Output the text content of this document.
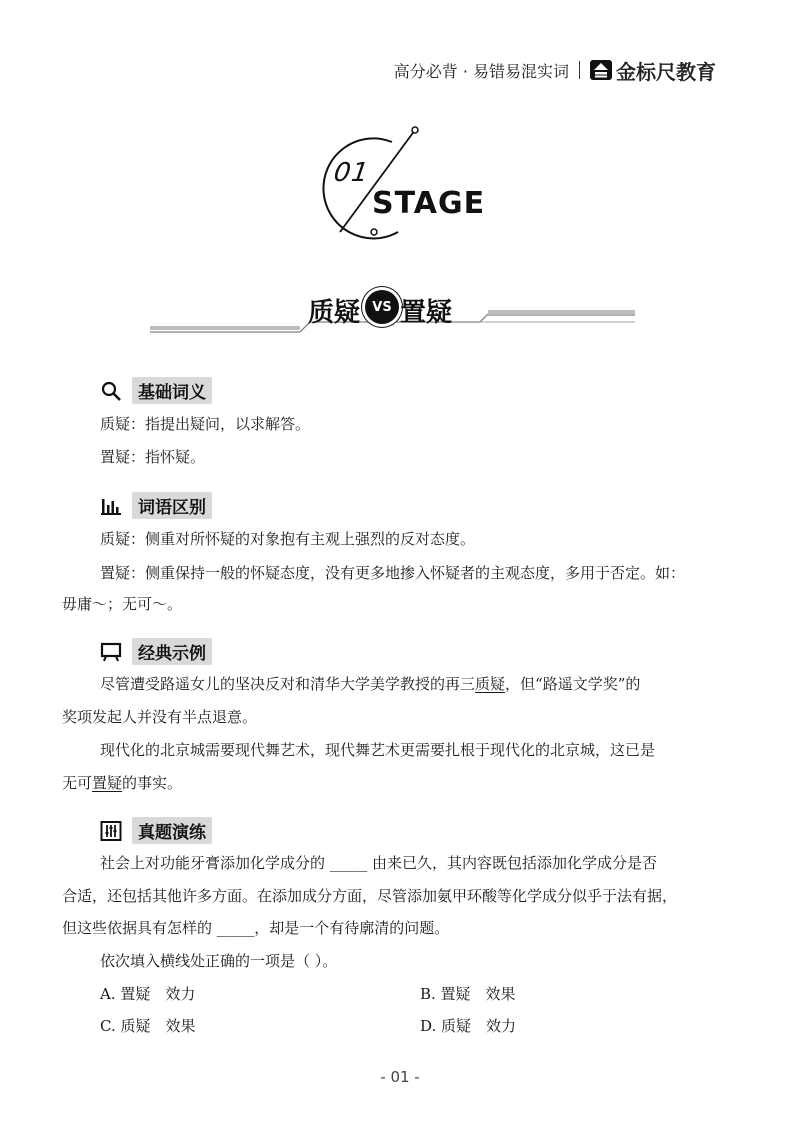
高分必背 · 易错易混实词 金标尺教育
01
STAGE
质疑 VS 置疑
基础词义
质疑：指提出疑问，以求解答。
置疑：指怀疑。
词语区别
质疑：侧重对所怀疑的对象抱有主观上强烈的反对态度。
置疑：侧重保持一般的怀疑态度，没有更多地掺入怀疑者的主观态度，多用于否定。如：
毋庸～；无可～。
经典示例
尽管遭受路遥女儿的坚决反对和清华大学美学教授的再三质疑，但“路遥文学奖”的
奖项发起人并没有半点退意。
现代化的北京城需要现代舞艺术，现代舞艺术更需要扎根于现代化的北京城，这已是
无可置疑的事实。
真题演练
社会上对功能牙膏添加化学成分的 _____ 由来已久，其内容既包括添加化学成分是否
合适，还包括其他许多方面。在添加成分方面，尽管添加氨甲环酸等化学成分似乎于法有据，
但这些依据具有怎样的 _____，却是一个有待廓清的问题。
依次填入横线处正确的一项是（ ）。
A. 置疑　效力	B. 置疑　效果
C. 质疑　效果	D. 质疑　效力
- 01 -
